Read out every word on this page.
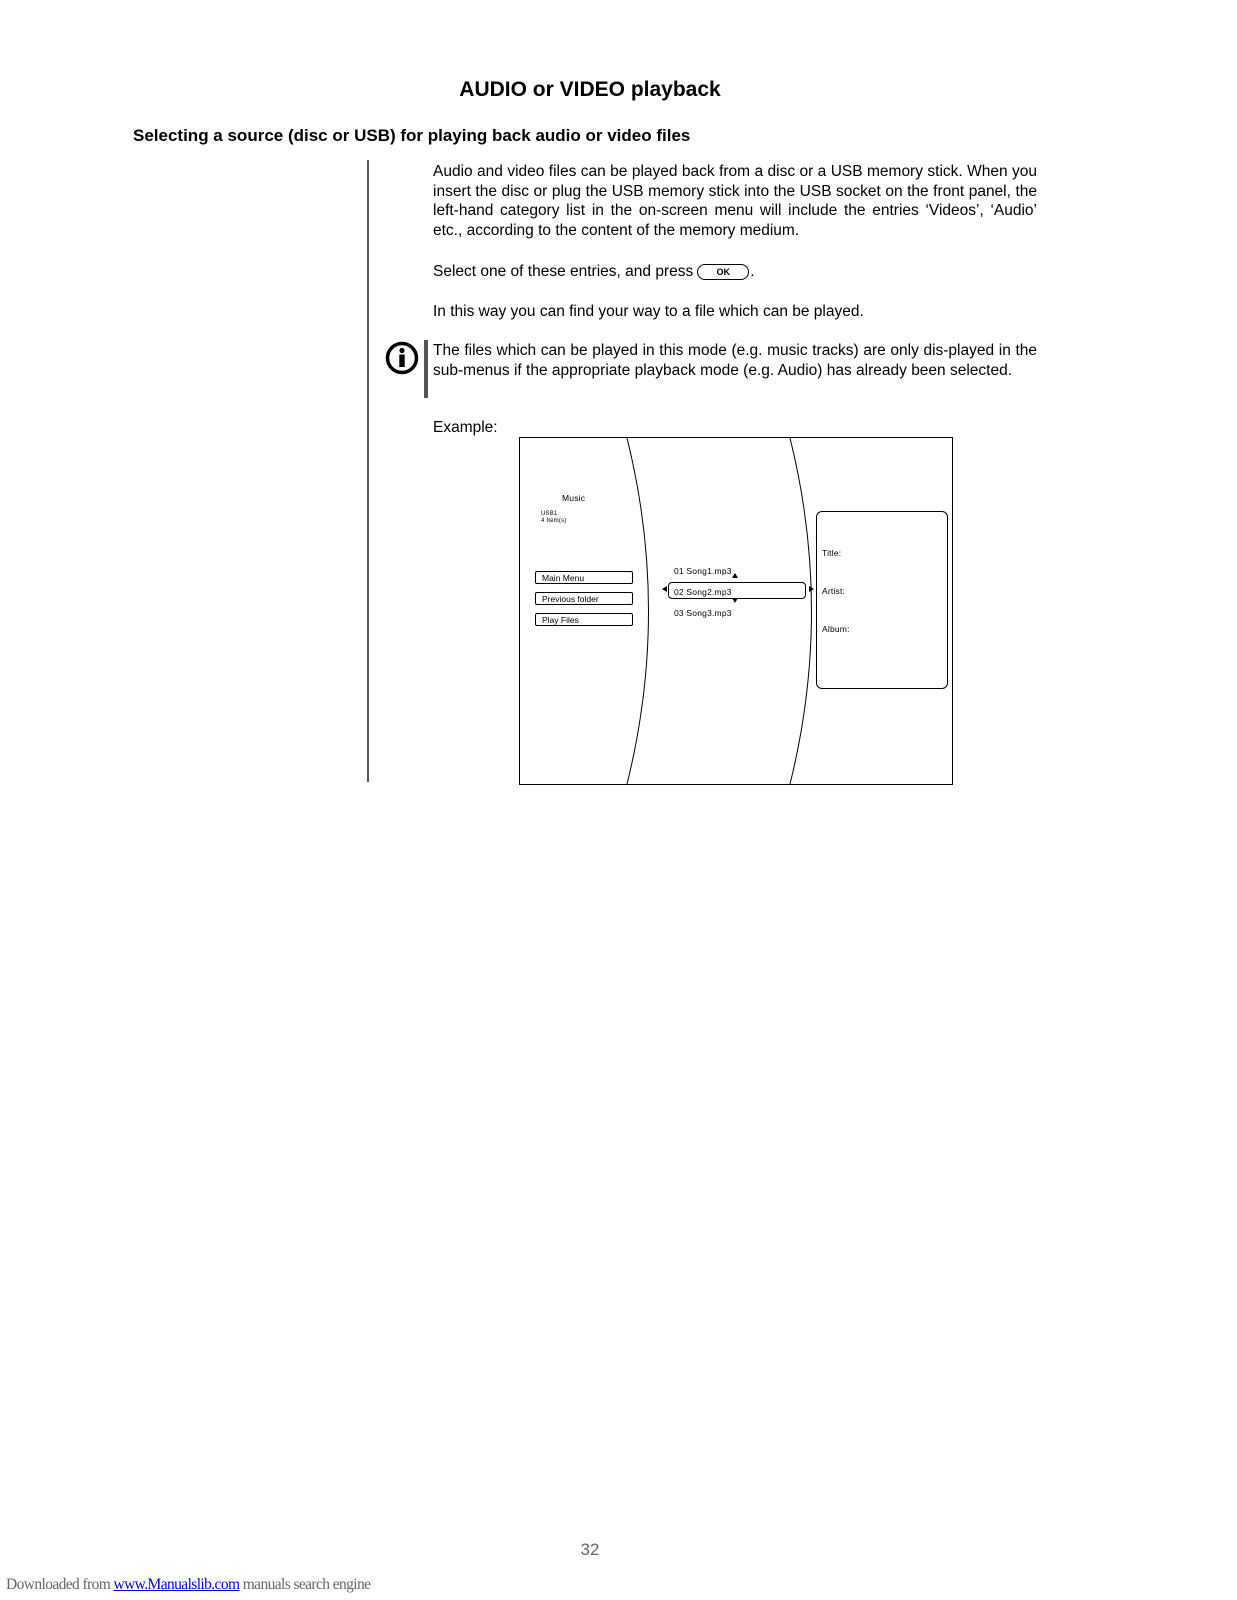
AUDIO or VIDEO playback
Selecting a source (disc or USB) for playing back audio or video files
Audio and video files can be played back from a disc or a USB memory stick. When you insert the disc or plug the USB memory stick into the USB socket on the front panel, the left-hand category list in the on-screen menu will include the entries ‘Videos’, ‘Audio’ etc., according to the content of the memory medium.
Select one of these entries, and press	OK .
In this way you can find your way to a file which can be played.
The files which can be played in this mode (e.g. music tracks) are only dis-played in the sub-menus if the appropriate playback mode (e.g. Audio) has already been selected.
Example:
Music
USB1
4 Item(s)
Main Menu
Previous folder
Play Files
01 Song1.mp3
02 Song2.mp3
03 Song3.mp3
Title:
Artist:
Album:
32
Downloaded from www.Manualslib.com manuals search engine
